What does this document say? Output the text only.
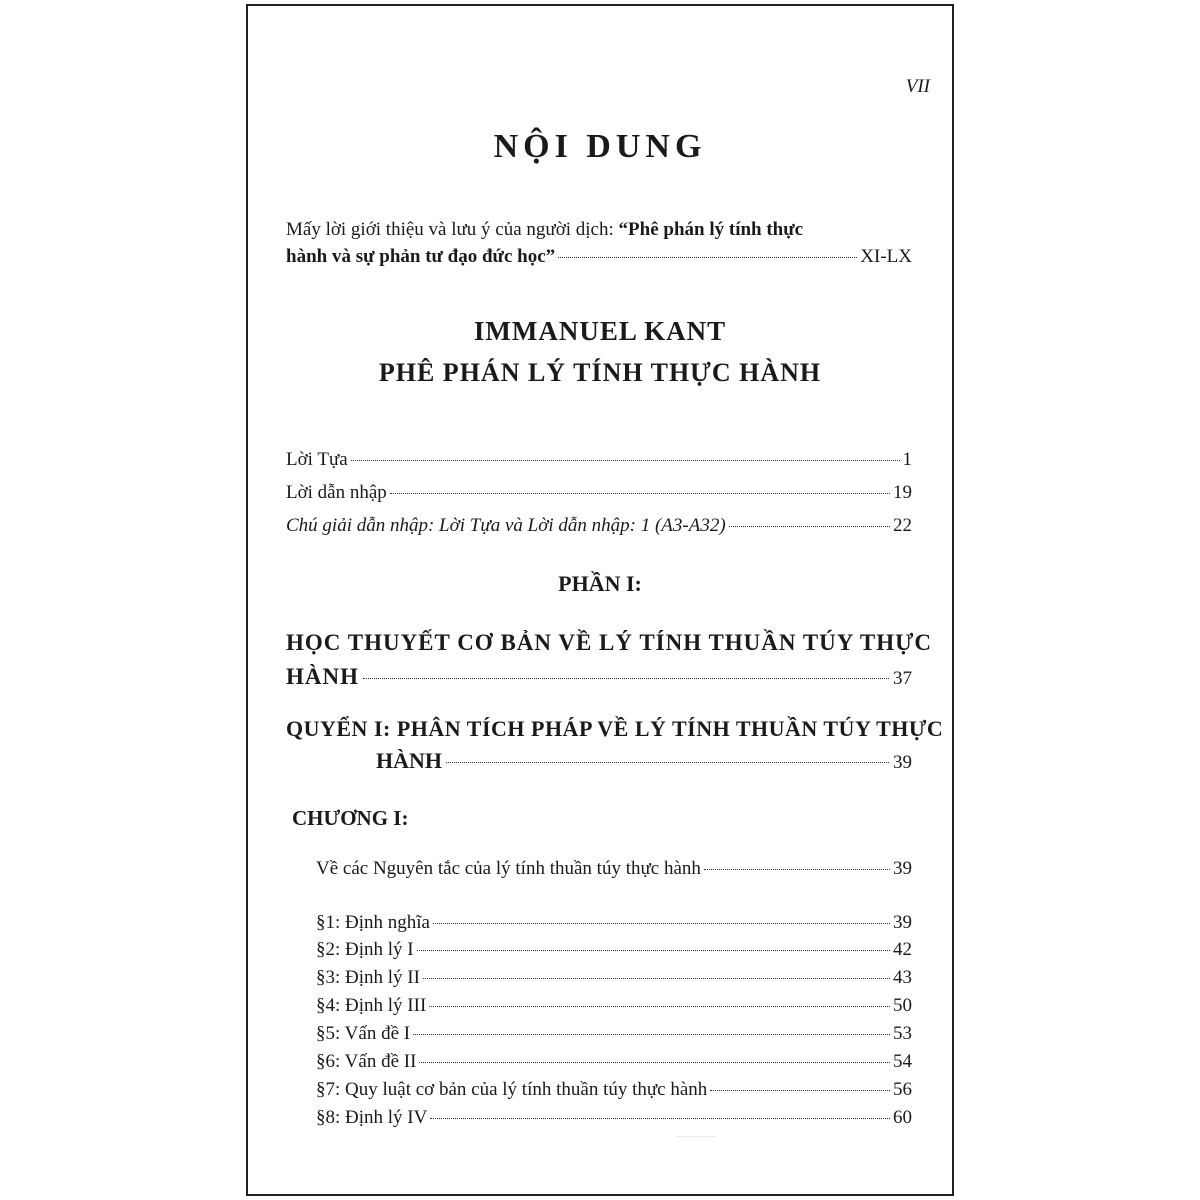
VII
NỘI DUNG
Mấy lời giới thiệu và lưu ý của người dịch: “Phê phán lý tính thực
hành và sự phản tư đạo đức học”	XI-LX
IMMANUEL KANT
PHÊ PHÁN LÝ TÍNH THỰC HÀNH
Lời Tựa	1
Lời dẫn nhập	19
Chú giải dẫn nhập: Lời Tựa và Lời dẫn nhập: 1 (A3-A32)	22
PHẦN I:
HỌC THUYẾT CƠ BẢN VỀ LÝ TÍNH THUẦN TÚY THỰC
HÀNH	37
QUYỂN I: PHÂN TÍCH PHÁP VỀ LÝ TÍNH THUẦN TÚY THỰC
HÀNH	39
CHƯƠNG I:
Về các Nguyên tắc của lý tính thuần túy thực hành	39
§1: Định nghĩa	39
§2: Định lý I	42
§3: Định lý II	43
§4: Định lý III	50
§5: Vấn đề I	53
§6: Vấn đề II	54
§7: Quy luật cơ bản của lý tính thuần túy thực hành	56
§8: Định lý IV	60
